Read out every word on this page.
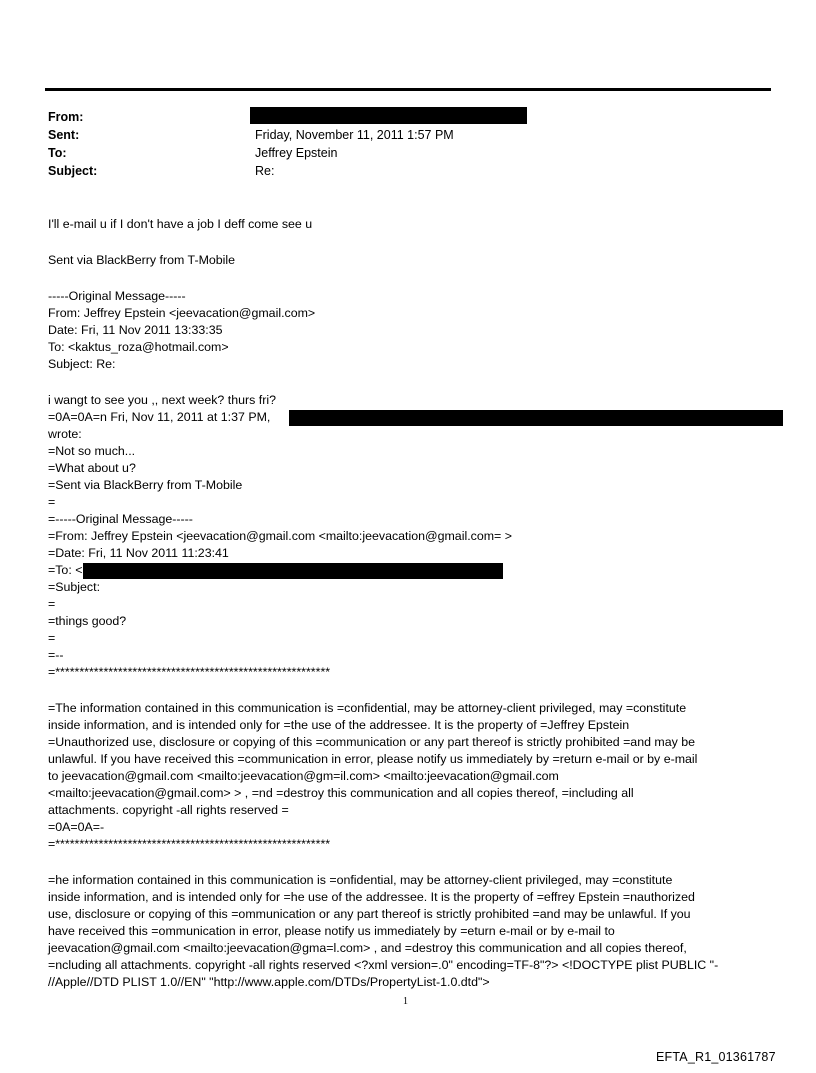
From:
Sent:	Friday, November 11, 2011 1:57 PM
To:	Jeffrey Epstein
Subject:	Re:
I'll e-mail u if I don't have a job I deff come see u
Sent via BlackBerry from T-Mobile
-----Original Message-----
From: Jeffrey Epstein <jeevacation@gmail.com>
Date: Fri, 11 Nov 2011 13:33:35
To: <kaktus_roza@hotmail.com>
Subject: Re:
i wangt to see you ,, next week? thurs fri?
=0A=0A=n Fri, Nov 11, 2011 at 1:37 PM,
wrote:
=Not so much...
=What about u?
=Sent via BlackBerry from T-Mobile
=
=-----Original Message-----
=From: Jeffrey Epstein <jeevacation@gmail.com <mailto:jeevacation@gmail.com= >
=Date: Fri, 11 Nov 2011 11:23:41
=To: <
=Subject:
=
=things good?
=
=--
=*********************************************************
=The information contained in this communication is =confidential, may be attorney-client privileged, may =constitute
inside information, and is intended only for =the use of the addressee. It is the property of =Jeffrey Epstein
=Unauthorized use, disclosure or copying of this =communication or any part thereof is strictly prohibited =and may be
unlawful. If you have received this =communication in error, please notify us immediately by =return e-mail or by e-mail
to jeevacation@gmail.com <mailto:jeevacation@gm=il.com> <mailto:jeevacation@gmail.com
<mailto:jeevacation@gmail.com> > , =nd =destroy this communication and all copies thereof, =including all
attachments. copyright -all rights reserved =
=0A=0A=-
=*********************************************************
=he information contained in this communication is =onfidential, may be attorney-client privileged, may =constitute
inside information, and is intended only for =he use of the addressee. It is the property of =effrey Epstein =nauthorized
use, disclosure or copying of this =ommunication or any part thereof is strictly prohibited =and may be unlawful. If you
have received this =ommunication in error, please notify us immediately by =eturn e-mail or by e-mail to
jeevacation@gmail.com <mailto:jeevacation@gma=l.com> , and =destroy this communication and all copies thereof,
=ncluding all attachments. copyright -all rights reserved <?xml version=.0" encoding=TF-8"?> <!DOCTYPE plist PUBLIC "-
//Apple//DTD PLIST 1.0//EN" "http://www.apple.com/DTDs/PropertyList-1.0.dtd">
1
EFTA_R1_01361787
